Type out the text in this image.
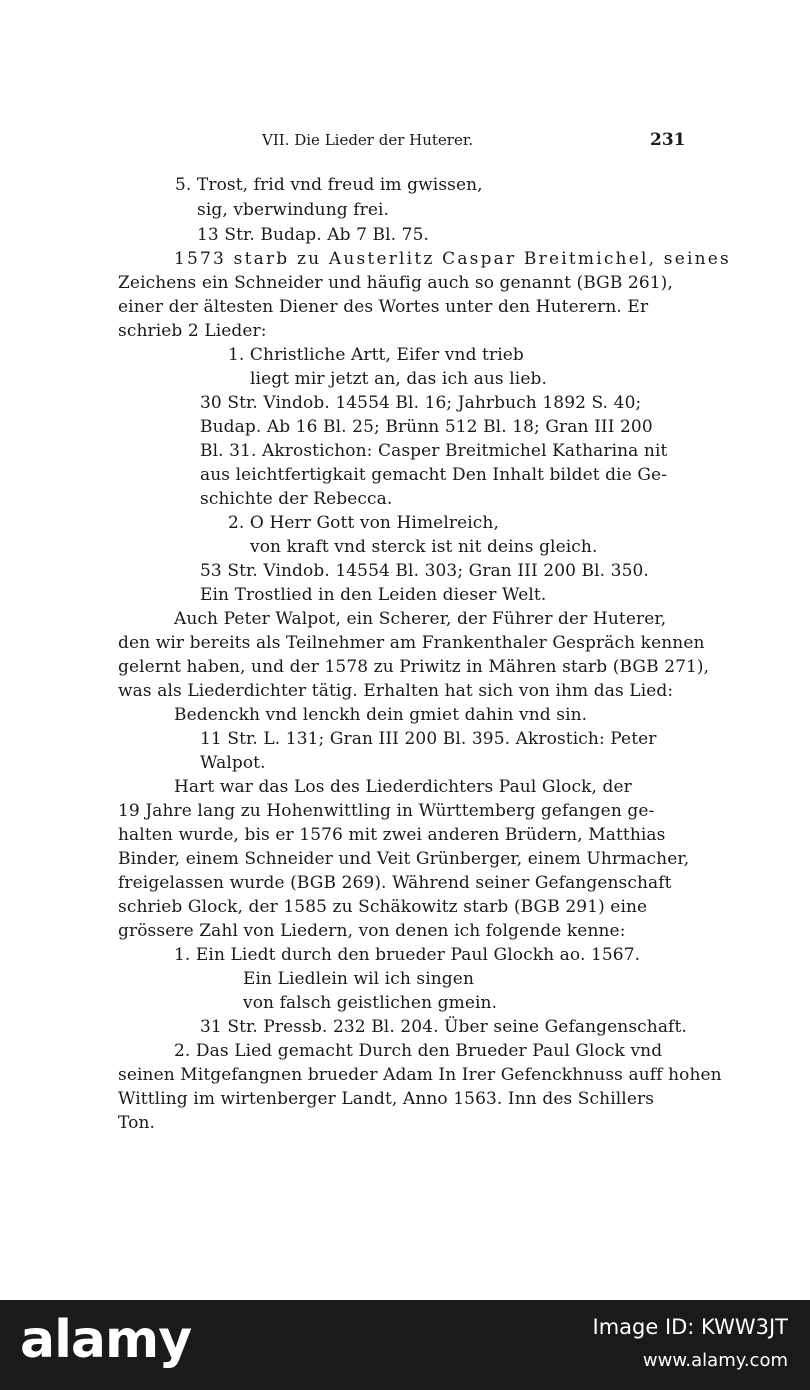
VII. Die Lieder der Huterer.	231
5. Trost, frid vnd freud im gwissen,
sig, vberwindung frei.
13 Str. Budap. Ab 7 Bl. 75.
1573 starb zu Austerlitz Caspar Breitmichel, seines
Zeichens ein Schneider und häufig auch so genannt (BGB 261),
einer der ältesten Diener des Wortes unter den Huterern. Er
schrieb 2 Lieder:
1. Christliche Artt, Eifer vnd trieb
liegt mir jetzt an, das ich aus lieb.
30 Str. Vindob. 14554 Bl. 16; Jahrbuch 1892 S. 40;
Budap. Ab 16 Bl. 25; Brünn 512 Bl. 18; Gran III 200
Bl. 31. Akrostichon: Casper Breitmichel Katharina nit
aus leichtfertigkait gemacht Den Inhalt bildet die Ge-
schichte der Rebecca.
2. O Herr Gott von Himelreich,
von kraft vnd sterck ist nit deins gleich.
53 Str. Vindob. 14554 Bl. 303; Gran III 200 Bl. 350.
Ein Trostlied in den Leiden dieser Welt.
Auch Peter Walpot, ein Scherer, der Führer der Huterer,
den wir bereits als Teilnehmer am Frankenthaler Gespräch kennen
gelernt haben, und der 1578 zu Priwitz in Mähren starb (BGB 271),
was als Liederdichter tätig. Erhalten hat sich von ihm das Lied:
Bedenckh vnd lenckh dein gmiet dahin vnd sin.
11 Str. L. 131; Gran III 200 Bl. 395. Akrostich: Peter
Walpot.
Hart war das Los des Liederdichters Paul Glock, der
19 Jahre lang zu Hohenwittling in Württemberg gefangen ge-
halten wurde, bis er 1576 mit zwei anderen Brüdern, Matthias
Binder, einem Schneider und Veit Grünberger, einem Uhrmacher,
freigelassen wurde (BGB 269). Während seiner Gefangenschaft
schrieb Glock, der 1585 zu Schäkowitz starb (BGB 291) eine
grössere Zahl von Liedern, von denen ich folgende kenne:
1. Ein Liedt durch den brueder Paul Glockh ao. 1567.
Ein Liedlein wil ich singen
von falsch geistlichen gmein.
31 Str. Pressb. 232 Bl. 204. Über seine Gefangenschaft.
2. Das Lied gemacht Durch den Brueder Paul Glock vnd
seinen Mitgefangnen brueder Adam In Irer Gefenckhnuss auff hohen
Wittling im wirtenberger Landt, Anno 1563. Inn des Schillers
Ton.
alamy	Image ID: KWW3JT
www.alamy.com
